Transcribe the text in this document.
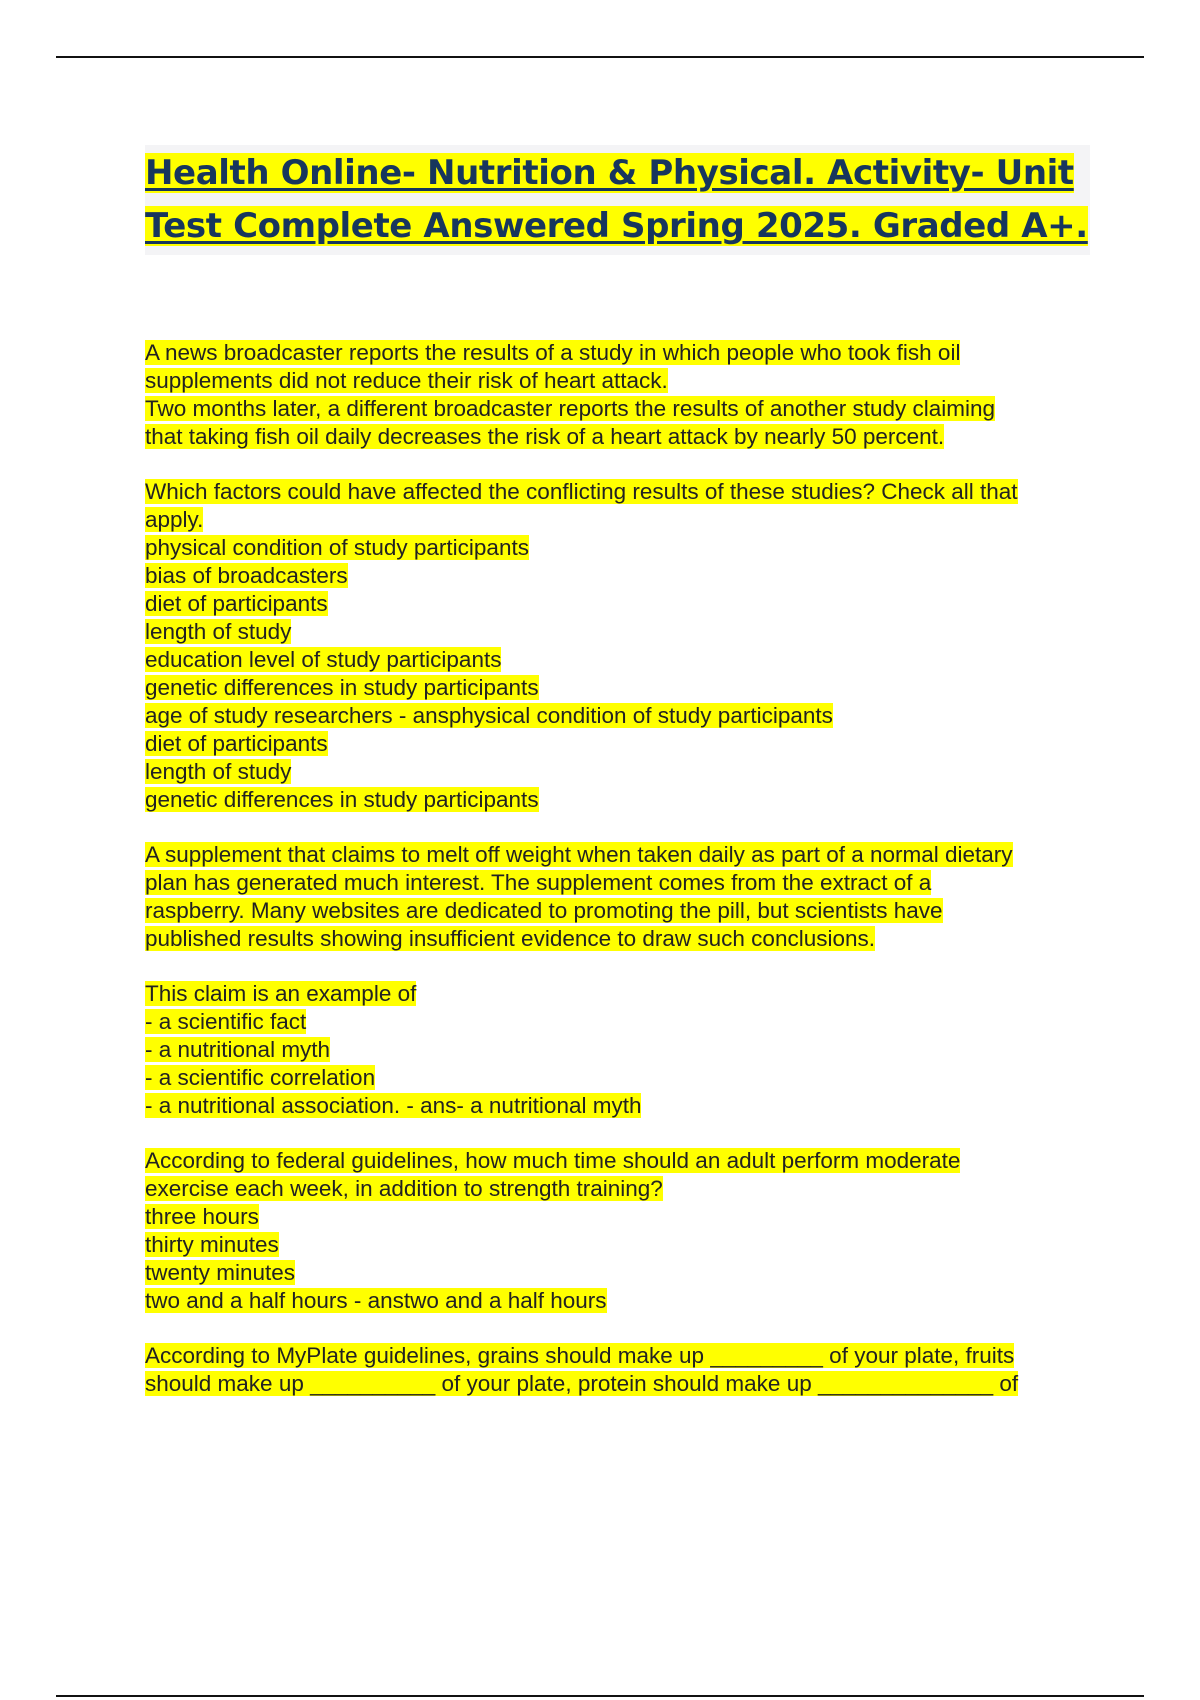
Health Online- Nutrition & Physical. Activity- Unit
Test Complete Answered Spring 2025. Graded A+.
A news broadcaster reports the results of a study in which people who took fish oil
supplements did not reduce their risk of heart attack.
Two months later, a different broadcaster reports the results of another study claiming
that taking fish oil daily decreases the risk of a heart attack by nearly 50 percent.
Which factors could have affected the conflicting results of these studies? Check all that
apply.
physical condition of study participants
bias of broadcasters
diet of participants
length of study
education level of study participants
genetic differences in study participants
age of study researchers - ansphysical condition of study participants
diet of participants
length of study
genetic differences in study participants
A supplement that claims to melt off weight when taken daily as part of a normal dietary
plan has generated much interest. The supplement comes from the extract of a
raspberry. Many websites are dedicated to promoting the pill, but scientists have
published results showing insufficient evidence to draw such conclusions.
This claim is an example of
- a scientific fact
- a nutritional myth
- a scientific correlation
- a nutritional association. - ans- a nutritional myth
According to federal guidelines, how much time should an adult perform moderate
exercise each week, in addition to strength training?
three hours
thirty minutes
twenty minutes
two and a half hours - anstwo and a half hours
According to MyPlate guidelines, grains should make up _________ of your plate, fruits
should make up __________ of your plate, protein should make up ______________ of
